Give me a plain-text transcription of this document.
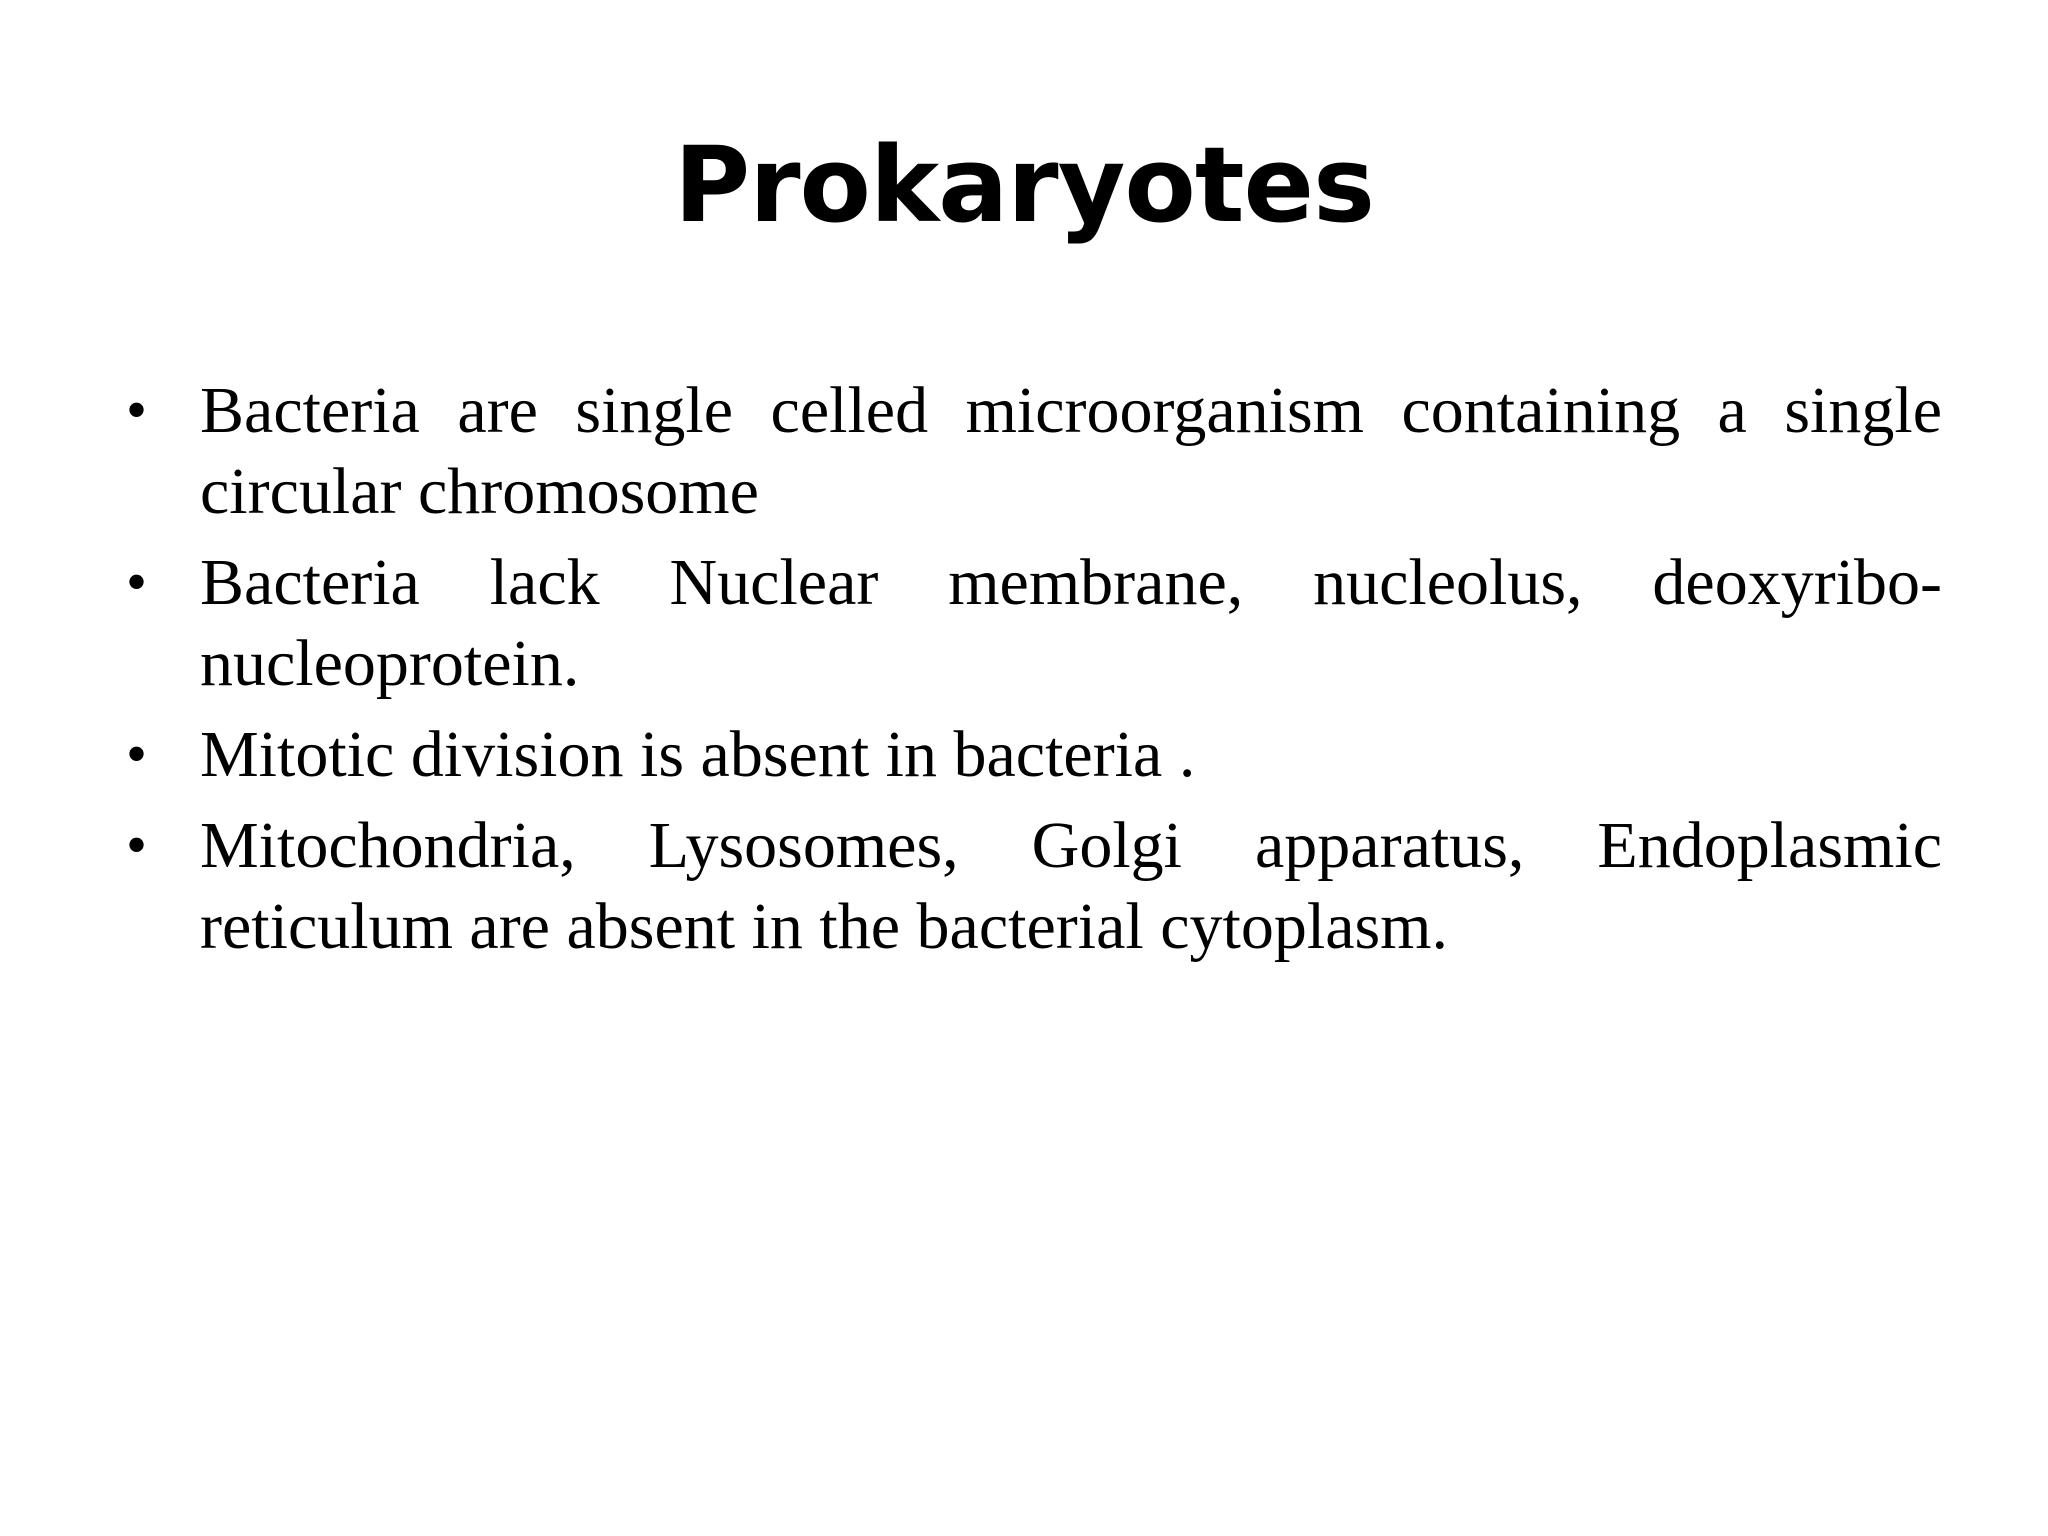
Prokaryotes
• Bacteria are single celled microorganism containing a single circular chromosome
• Bacteria lack Nuclear membrane, nucleolus, deoxyribo-nucleoprotein.
• Mitotic division is absent in bacteria .
• Mitochondria, Lysosomes, Golgi apparatus, Endoplasmic reticulum are absent in the bacterial cytoplasm.
